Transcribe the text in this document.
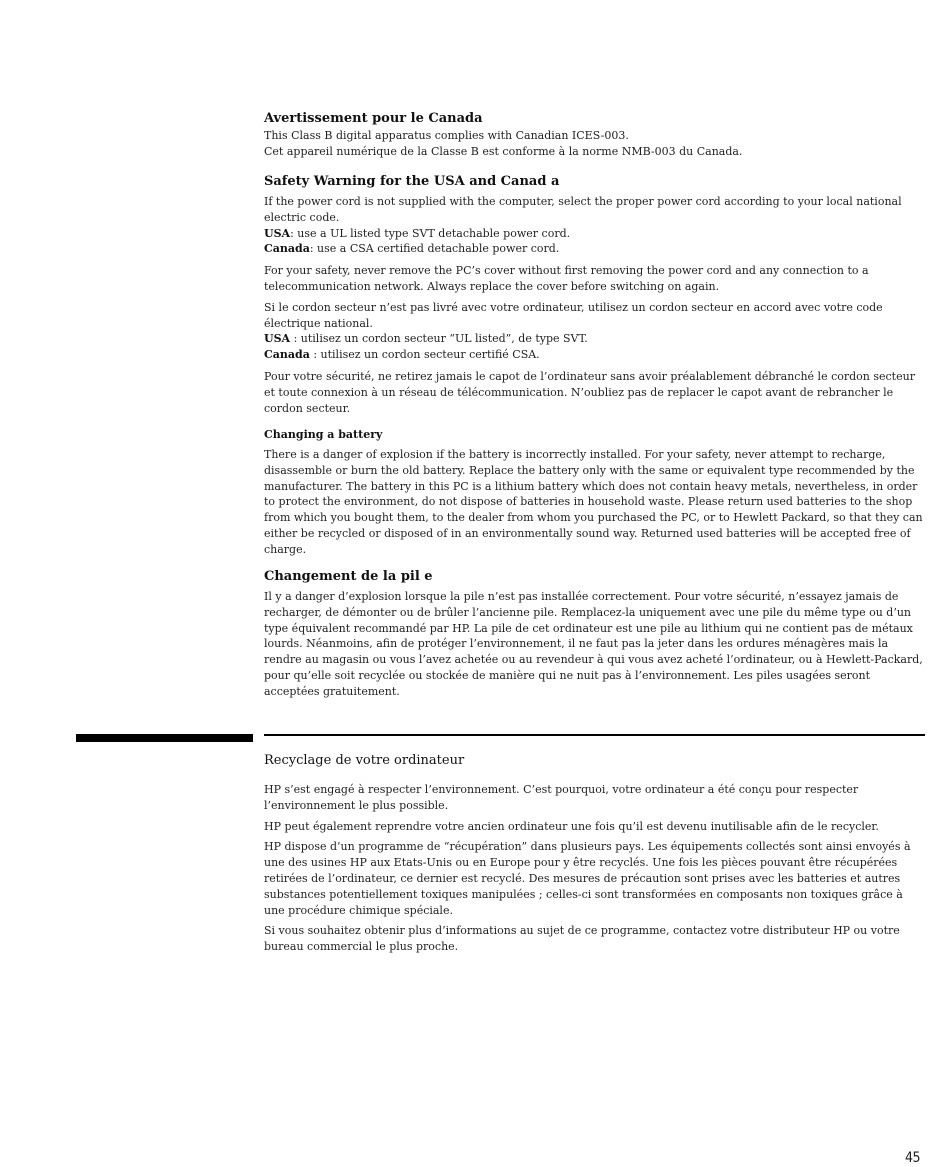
Avertissement pour le Canada

This Class B digital apparatus complies with Canadian ICES-003.

Cet appareil numérique de la Classe B est conforme à la norme NMB-003 du Canada.

Safety Warning for the USA and Canad a

If the power cord is not supplied with the computer, select the proper power cord according to your local national electric code.

USA: use a UL listed type SVT detachable power cord.

Canada: use a CSA certified detachable power cord.

For your safety, never remove the PC’s cover without first removing the power cord and any connection to a telecommunication network. Always replace the cover before switching on again.

Si le cordon secteur n’est pas livré avec votre ordinateur, utilisez un cordon secteur en accord avec votre code électrique national.

USA : utilisez un cordon secteur “UL listed”, de type SVT.

Canada : utilisez un cordon secteur certifié CSA.

Pour votre sécurité, ne retirez jamais le capot de l’ordinateur sans avoir préalablement débranché le cordon secteur et toute connexion à un réseau de télécommunication. N’oubliez pas de replacer le capot avant de rebrancher le cordon secteur.

Changing a battery

There is a danger of explosion if the battery is incorrectly installed. For your safety, never attempt to recharge, disassemble or burn the old battery. Replace the battery only with the same or equivalent type recommended by the manufacturer. The battery in this PC is a lithium battery which does not contain heavy metals, nevertheless, in order to protect the environment, do not dispose of batteries in household waste. Please return used batteries to the shop from which you bought them, to the dealer from whom you purchased the PC, or to Hewlett Packard, so that they can either be recycled or disposed of in an environmentally sound way. Returned used batteries will be accepted free of charge.

Changement de la pil e

Il y a danger d’explosion lorsque la pile n’est pas installée correctement. Pour votre sécurité, n’essayez jamais de recharger, de démonter ou de brûler l’ancienne pile. Remplacez-la uniquement avec une pile du même type ou d’un type équivalent recommandé par HP. La pile de cet ordinateur est une pile au lithium qui ne contient pas de métaux lourds. Néanmoins, afin de protéger l’environnement, il ne faut pas la jeter dans les ordures ménagères mais la rendre au magasin ou vous l’avez achetée ou au revendeur à qui vous avez acheté l’ordinateur, ou à Hewlett-Packard, pour qu’elle soit recyclée ou stockée de manière qui ne nuit pas à l’environnement. Les piles usagées seront acceptées gratuitement.

Recyclage de votre ordinateur

HP s’est engagé à respecter l’environnement. C’est pourquoi, votre ordinateur a été conçu pour respecter l’environnement le plus possible.

HP peut également reprendre votre ancien ordinateur une fois qu’il est devenu inutilisable afin de le recycler.

HP dispose d’un programme de “récupération” dans plusieurs pays. Les équipements collectés sont ainsi envoyés à une des usines HP aux Etats-Unis ou en Europe pour y être recyclés. Une fois les pièces pouvant être récupérées retirées de l’ordinateur, ce dernier est recyclé. Des mesures de précaution sont prises avec les batteries et autres substances potentiellement toxiques manipulées ; celles-ci sont transformées en composants non toxiques grâce à une procédure chimique spéciale.

Si vous souhaitez obtenir plus d’informations au sujet de ce programme, contactez votre distributeur HP ou votre bureau commercial le plus proche.

45
